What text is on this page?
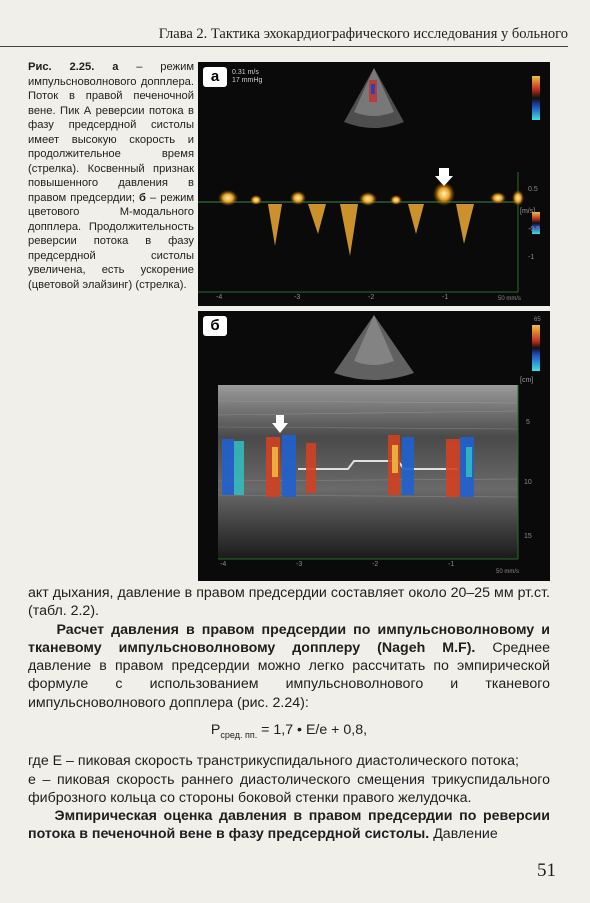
Глава 2. Тактика эхокардиографического исследования у больного
Рис. 2.25. а – режим импульсноволнового допплера. Поток в правой печеночной вене. Пик А реверсии потока в фазу предсердной систолы имеет высокую скорость и продолжительное время (стрелка). Косвенный признак повышенного давления в правом предсердии; б – режим цветового М-модального допплера. Продолжительность реверсии потока в фазу предсердной систолы увеличена, есть ускорение (цветовой элайзинг) (стрелка).
а	0.31 m/s
17 mmHg
[m/s]
0.5
-0.5
-1
-4	-3	-2	-1	50 mm/s
б	65
[cm]
5
10
15
-4	-3	-2	-1
50 mm/s

акт дыхания, давление в правом предсердии составляет около 20–25 мм рт.ст. (табл. 2.2).

Расчет давления в правом предсердии по импульсноволновому и тканевому импульсноволновому допплеру (Nageh M.F). Среднее давление в правом предсердии можно легко рассчитать по эмпирической формуле с использованием импульсноволнового и тканевого импульсноволнового допплера (рис. 2.24):

$P_{сред. пп.} = 1,7$ • E/e + 0,8,

где E – пиковая скорость транстрикуспидального диастолического потока;

е – пиковая скорость раннего диастолического смещения трикуспидального фиброзного кольца со стороны боковой стенки правого желудочка.

Эмпирическая оценка давления в правом предсердии по реверсии потока в печеночной вене в фазу предсердной систолы. Давление

51
